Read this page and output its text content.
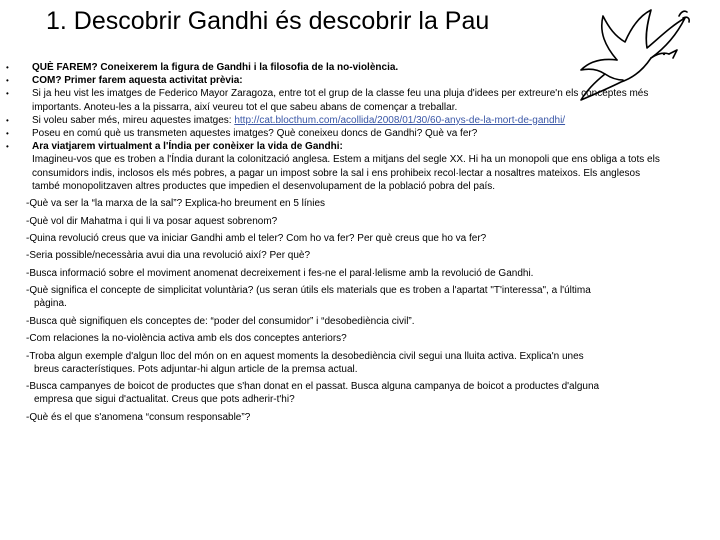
1. Descobrir Gandhi és descobrir la Pau
•	QUÈ FAREM? Coneixerem la figura de Gandhi i la filosofia de la no-violència.
•	COM? Primer farem aquesta activitat prèvia:
•	Si ja heu vist les imatges de Federico Mayor Zaragoza, entre tot el grup de la classe feu una pluja d'idees per extreure'n els conceptes més importants. Anoteu-les a la pissarra, així veureu tot el que sabeu abans de començar a treballar.
•	Si voleu saber més, mireu aquestes imatges: http://cat.blocthum.com/acollida/2008/01/30/60-anys-de-la-mort-de-gandhi/
•	Poseu en comú què us transmeten aquestes imatges? Què coneixeu doncs de Gandhi? Què va fer?
•	Ara viatjarem virtualment a l'Índia per conèixer la vida de Gandhi:
Imagineu-vos que es troben a l'Índia durant la colonització anglesa. Estem a mitjans del segle XX. Hi ha un monopoli que ens obliga a tots els consumidors indis, inclosos els més pobres, a pagar un impost sobre la sal i ens prohibeix recol·lectar a nosaltres mateixos. Els anglesos també monopolitzaven altres productes que impedien el desenvolupament de la població pobra del país.
-Què va ser la “la marxa de la sal”? Explica-ho breument en 5 línies
-Què vol dir Mahatma i qui li va posar aquest sobrenom?
-Quina revolució creus que va iniciar Gandhi amb el teler? Com ho va fer? Per què creus que ho va fer?
-Seria possible/necessària avui dia una revolució així? Per què?
-Busca informació sobre el moviment anomenat decreixement i fes-ne el paral·lelisme amb la revolució de Gandhi.
-Què significa el concepte de simplicitat voluntària? (us seran útils els materials que es troben a l'apartat "T'interessa", a l'última
pàgina.
-Busca què signifiquen els conceptes de: “poder del consumidor” i “desobediència civil”.
-Com relaciones la no-violència activa amb els dos conceptes anteriors?
-Troba algun exemple d'algun lloc del món on en aquest moments la desobediència civil segui una lluita activa. Explica'n unes
breus característiques. Pots adjuntar-hi algun article de la premsa actual.
-Busca campanyes de boicot de productes que s'han donat en el passat. Busca alguna campanya de boicot a productes d'alguna
empresa que sigui d'actualitat. Creus que pots adherir-t'hi?
-Què és el que s'anomena “consum responsable”?
